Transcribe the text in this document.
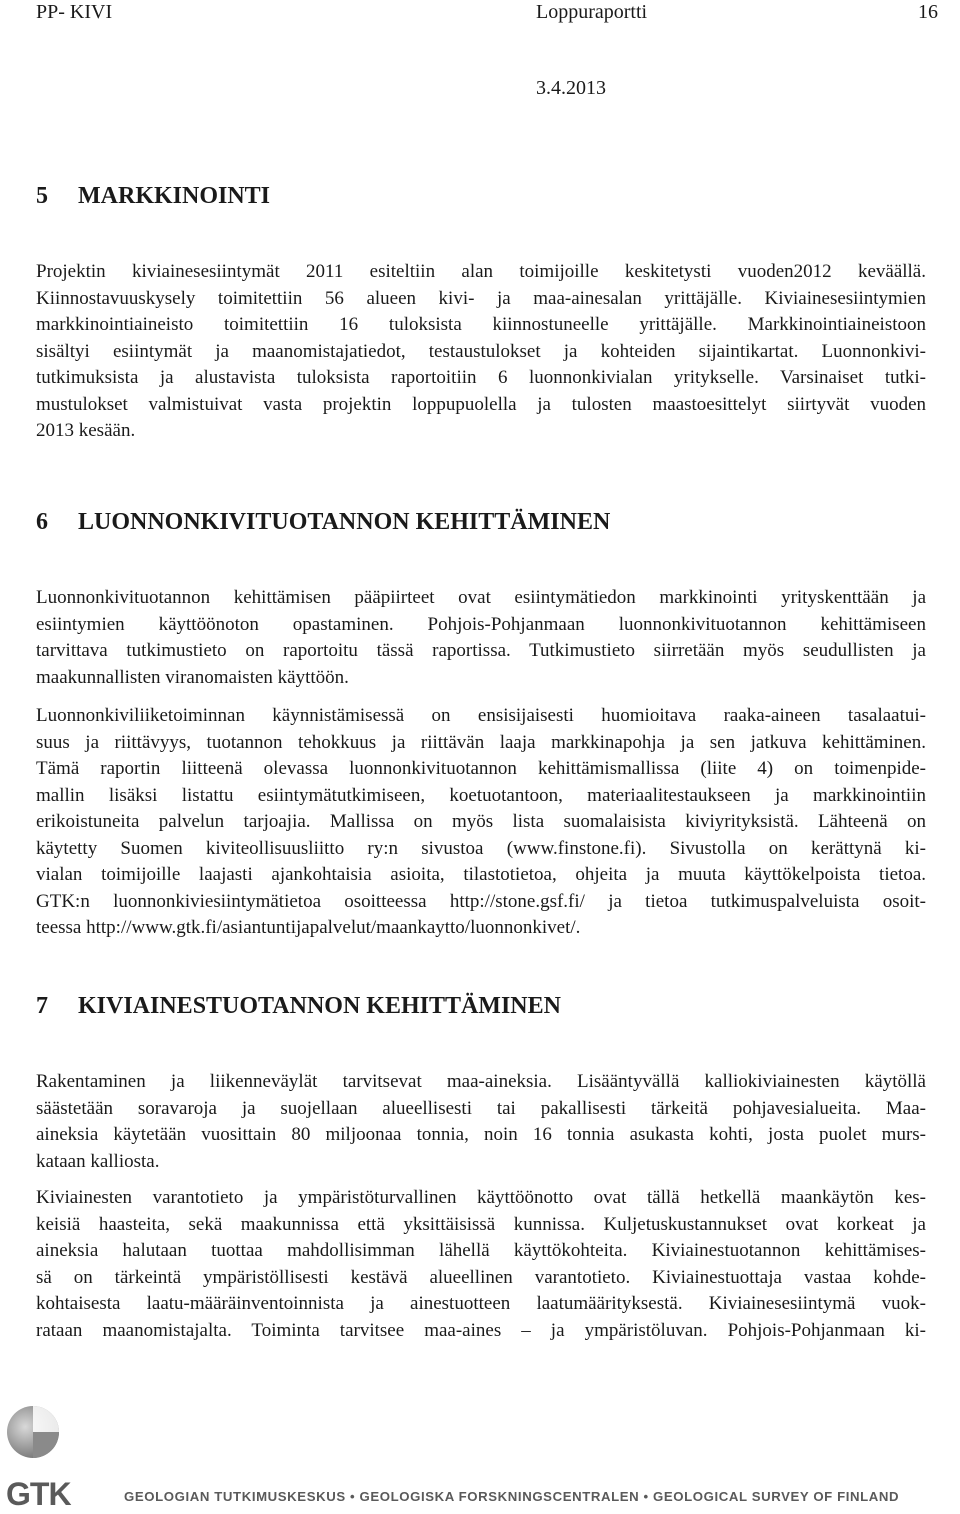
PP- KIVI	Loppuraportti	16
3.4.2013
5 MARKKINOINTI
Projektin kiviainesesiintymät 2011 esiteltiin alan toimijoille keskitetysti vuoden2012 keväällä.
Kiinnostavuuskysely toimitettiin 56 alueen kivi- ja maa-ainesalan yrittäjälle. Kiviainesesiintymien
markkinointiaineisto toimitettiin 16 tuloksista kiinnostuneelle yrittäjälle. Markkinointiaineistoon
sisältyi esiintymät ja maanomistajatiedot, testaustulokset ja kohteiden sijaintikartat. Luonnonkivi-
tutkimuksista ja alustavista tuloksista raportoitiin 6 luonnonkivialan yritykselle. Varsinaiset tutki-
mustulokset valmistuivat vasta projektin loppupuolella ja tulosten maastoesittelyt siirtyvät vuoden
2013 kesään.
6 LUONNONKIVITUOTANNON KEHITTÄMINEN
Luonnonkivituotannon kehittämisen pääpiirteet ovat esiintymätiedon markkinointi yrityskenttään ja
esiintymien käyttöönoton opastaminen. Pohjois-Pohjanmaan luonnonkivituotannon kehittämiseen
tarvittava tutkimustieto on raportoitu tässä raportissa. Tutkimustieto siirretään myös seudullisten ja
maakunnallisten viranomaisten käyttöön.
Luonnonkiviliiketoiminnan käynnistämisessä on ensisijaisesti huomioitava raaka-aineen tasalaatui-
suus ja riittävyys, tuotannon tehokkuus ja riittävän laaja markkinapohja ja sen jatkuva kehittäminen.
Tämä raportin liitteenä olevassa luonnonkivituotannon kehittämismallissa (liite 4) on toimenpide-
mallin lisäksi listattu esiintymätutkimiseen, koetuotantoon, materiaalitestaukseen ja markkinointiin
erikoistuneita palvelun tarjoajia. Mallissa on myös lista suomalaisista kiviyrityksistä. Lähteenä on
käytetty Suomen kiviteollisuusliitto ry:n sivustoa (www.finstone.fi). Sivustolla on kerättynä ki-
vialan toimijoille laajasti ajankohtaisia asioita, tilastotietoa, ohjeita ja muuta käyttökelpoista tietoa.
GTK:n luonnonkiviesiintymätietoa osoitteessa http://stone.gsf.fi/ ja tietoa tutkimuspalveluista osoit-
teessa http://www.gtk.fi/asiantuntijapalvelut/maankaytto/luonnonkivet/.
7 KIVIAINESTUOTANNON KEHITTÄMINEN
Rakentaminen ja liikenneväylät tarvitsevat maa-aineksia. Lisääntyvällä kalliokiviainesten käytöllä
säästetään soravaroja ja suojellaan alueellisesti tai pakallisesti tärkeitä pohjavesialueita. Maa-
aineksia käytetään vuosittain 80 miljoonaa tonnia, noin 16 tonnia asukasta kohti, josta puolet murs-
kataan kalliosta.
Kiviainesten varantotieto ja ympäristöturvallinen käyttöönotto ovat tällä hetkellä maankäytön kes-
keisiä haasteita, sekä maakunnissa että yksittäisissä kunnissa. Kuljetuskustannukset ovat korkeat ja
aineksia halutaan tuottaa mahdollisimman lähellä käyttökohteita. Kiviainestuotannon kehittämises-
sä on tärkeintä ympäristöllisesti kestävä alueellinen varantotieto. Kiviainestuottaja vastaa kohde-
kohtaisesta laatu-määräinventoinnista ja ainestuotteen laatumäärityksestä. Kiviainesesiintymä vuok-
rataan maanomistajalta. Toiminta tarvitsee maa-aines – ja ympäristöluvan. Pohjois-Pohjanmaan ki-
GTK	GEOLOGIAN TUTKIMUSKESKUS • GEOLOGISKA FORSKNINGSCENTRALEN • GEOLOGICAL SURVEY OF FINLAND
